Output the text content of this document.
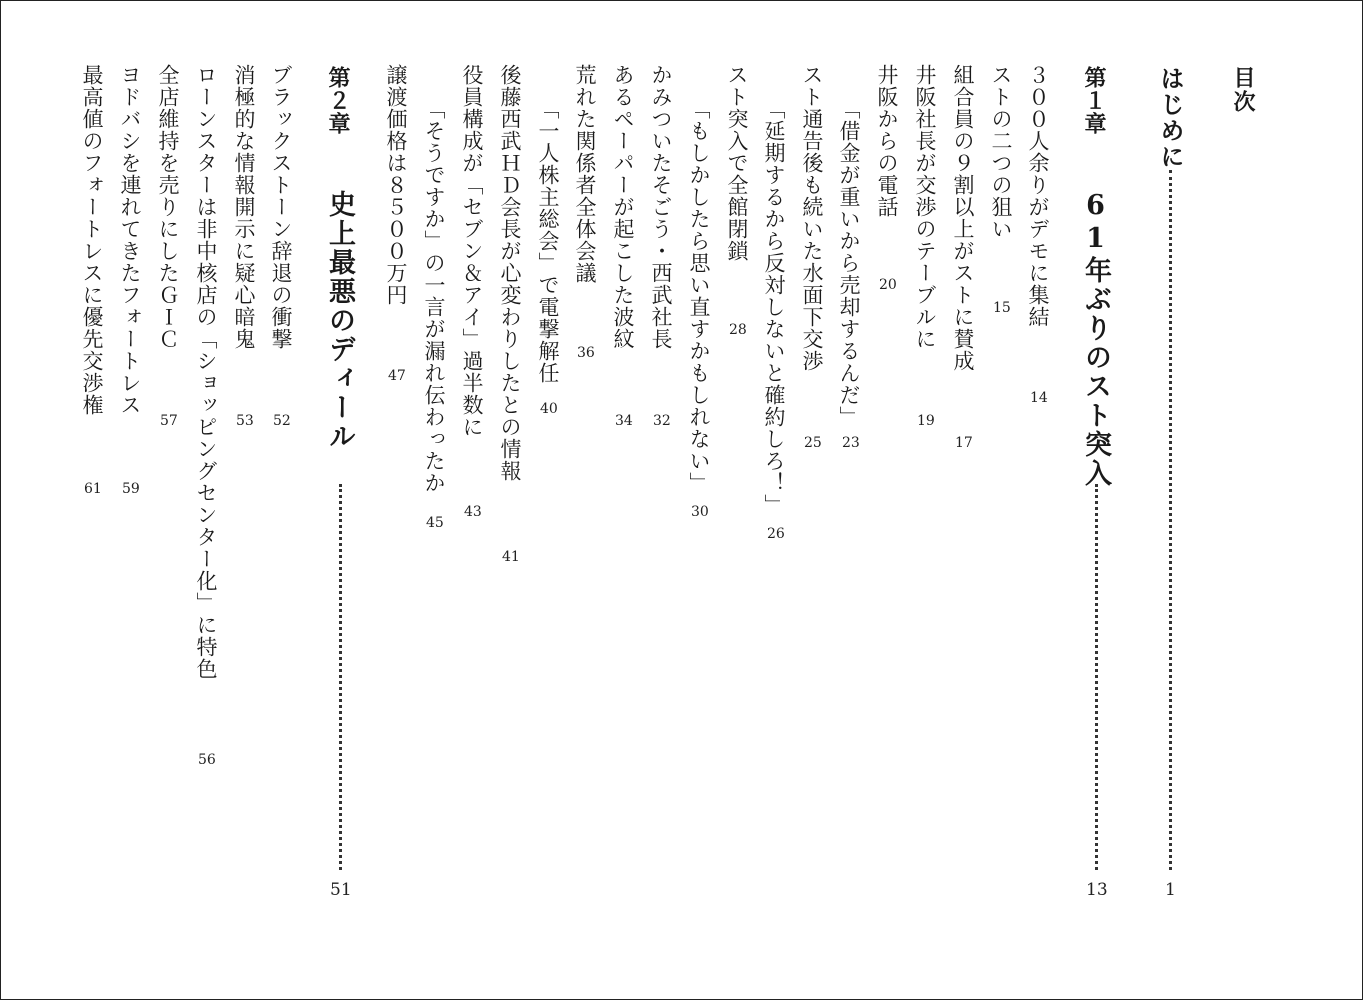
目次
はじめに
1
第１章
61年ぶりのスト突入
13
３００人余りがデモに集結
14
ストの二つの狙い
15
組合員の９割以上がストに賛成
17
井阪社長が交渉のテーブルに
19
井阪からの電話
20
「借金が重いから売却するんだ」
23
スト通告後も続いた水面下交渉
25
「延期するから反対しないと確約しろ！」
26
スト突入で全館閉鎖
28
「もしかしたら思い直すかもしれない」
30
かみついたそごう・西武社長
32
あるペーパーが起こした波紋
34
荒れた関係者全体会議
36
「一人株主総会」で電撃解任
40
後藤西武ＨＤ会長が心変わりしたとの情報
41
役員構成が「セブン＆アイ」過半数に
43
「そうですか」の一言が漏れ伝わったか
45
譲渡価格は８５００万円
47
第２章
史上最悪のディール
51
ブラックストーン辞退の衝撃
52
消極的な情報開示に疑心暗鬼
53
ローンスターは非中核店の「ショッピングセンター化」に特色
56
全店維持を売りにしたＧＩＣ
57
ヨドバシを連れてきたフォートレス
59
最高値のフォートレスに優先交渉権
61
